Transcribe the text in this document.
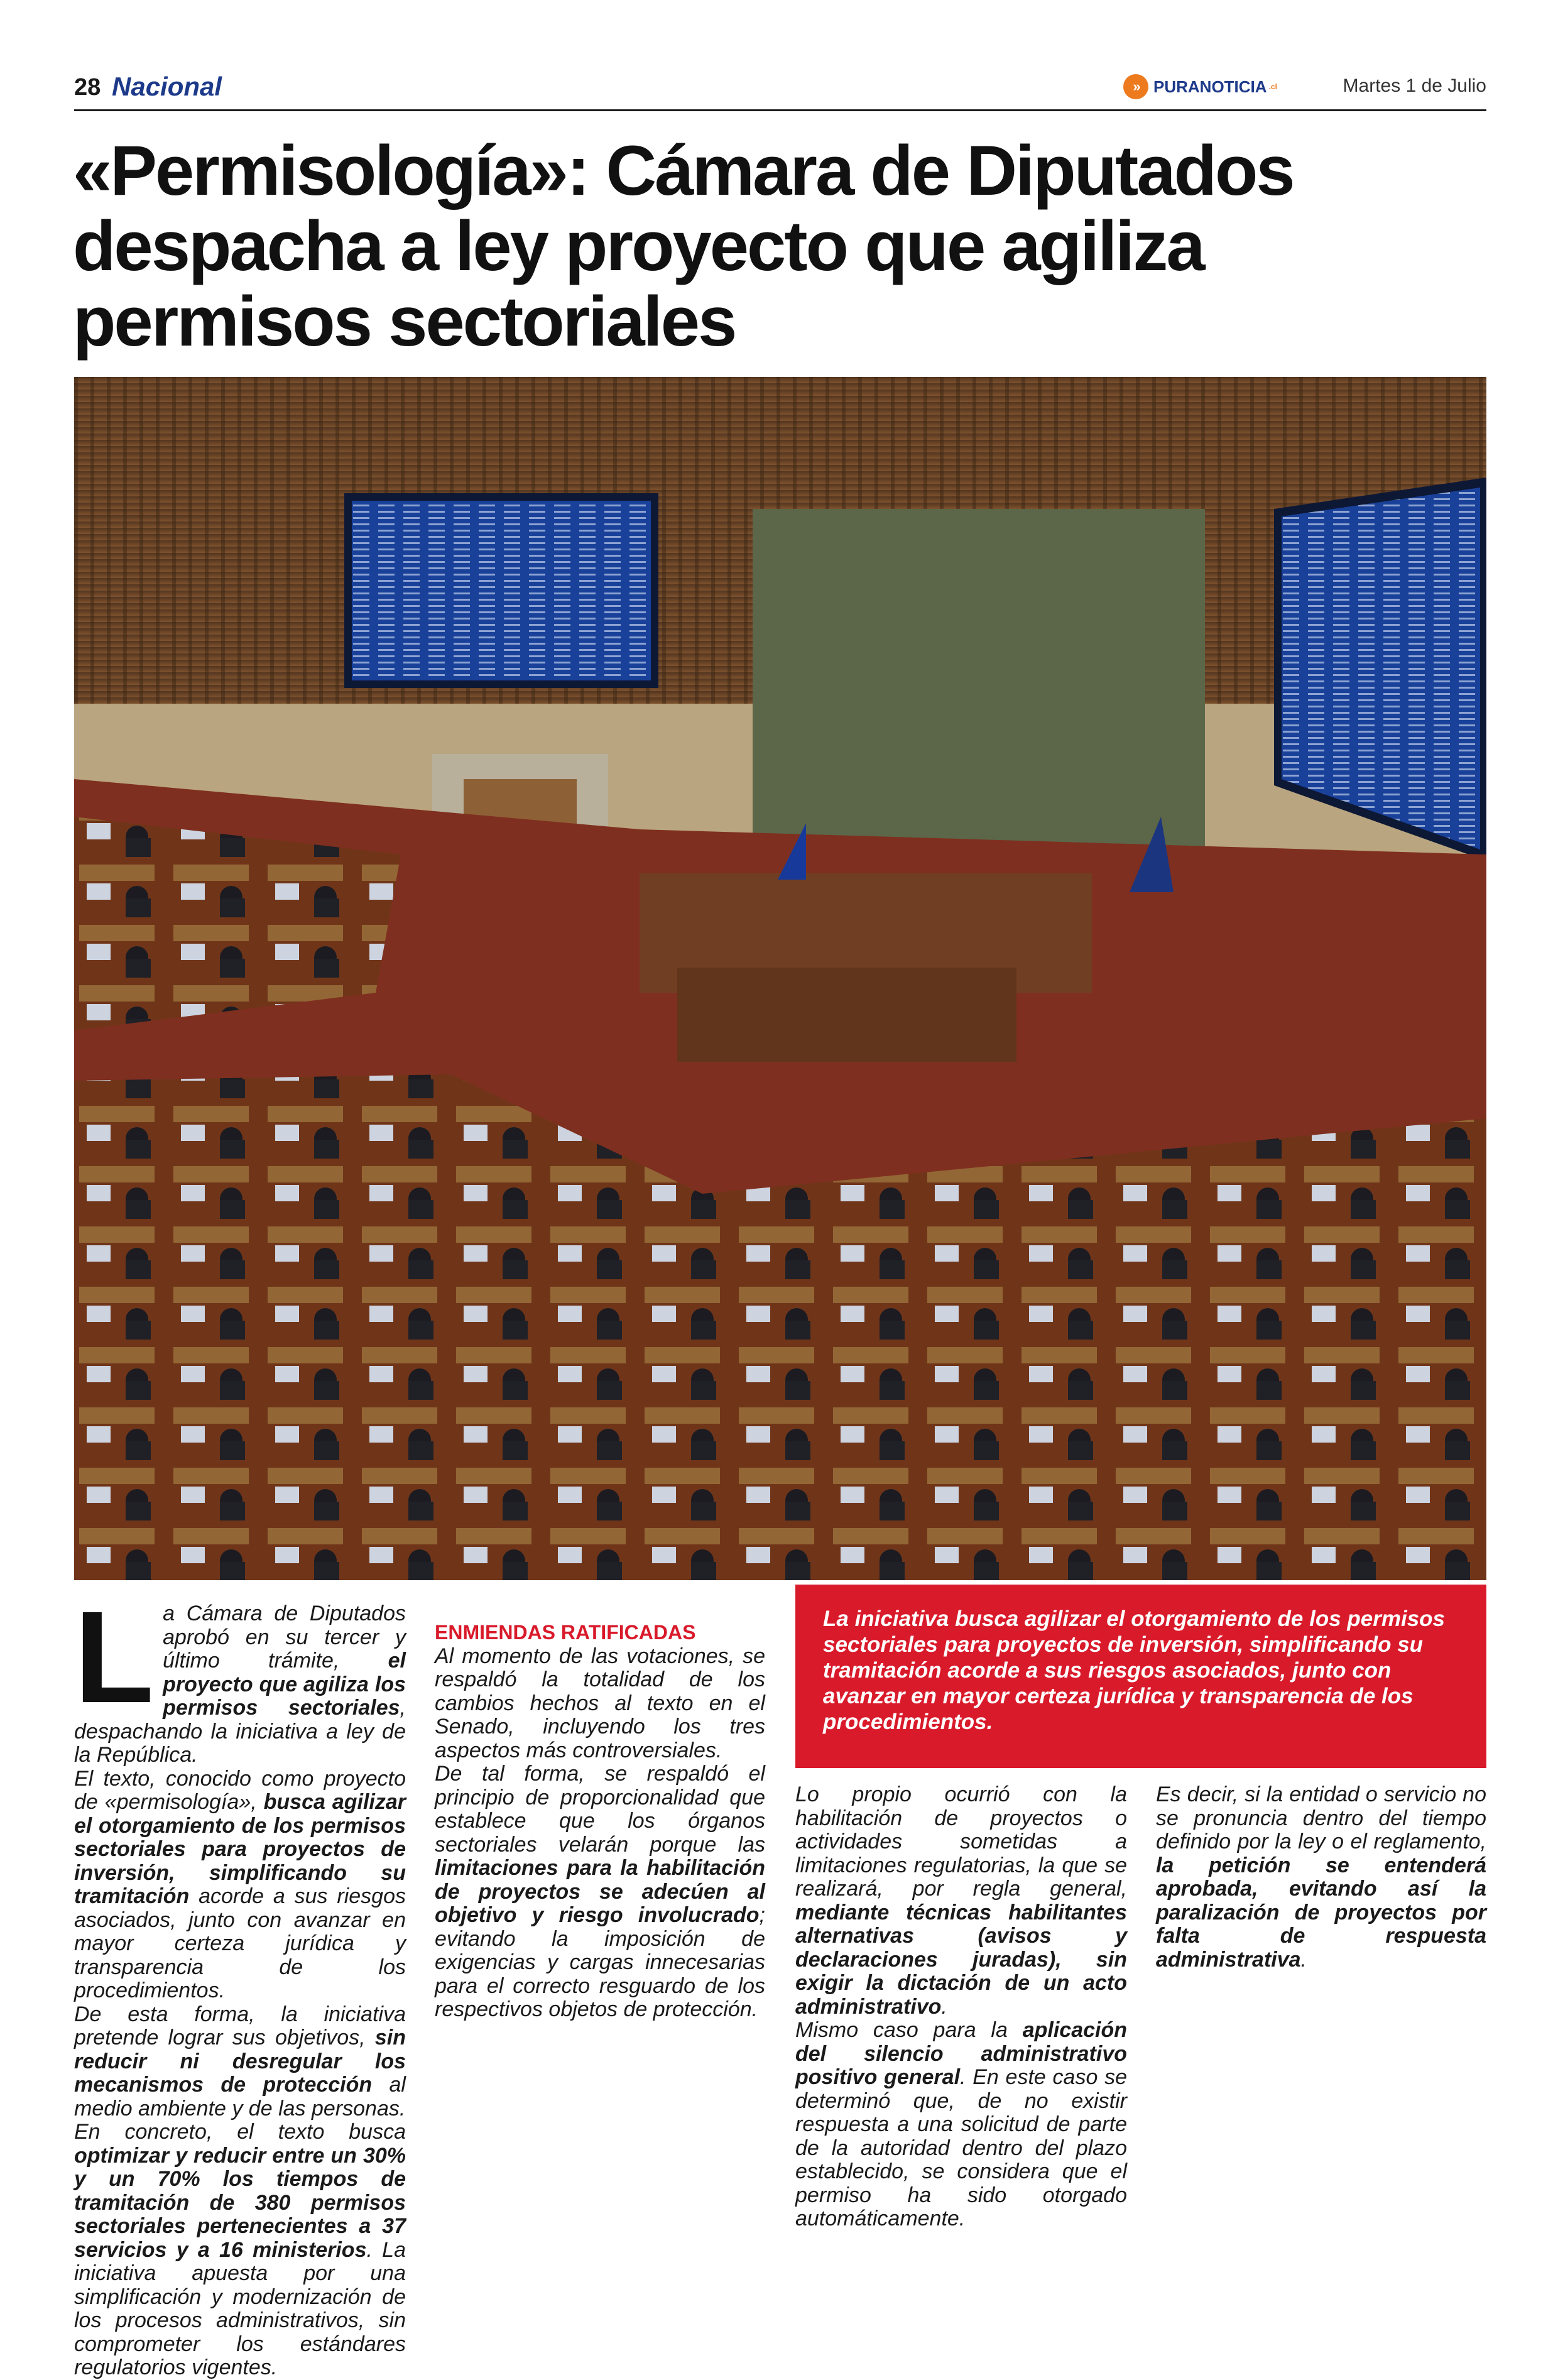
28 Nacional	» PURANOTICIA .cl	Martes 1 de Julio
«Permisología»: Cámara de Diputados despacha a ley proyecto que agiliza permisos sectoriales
L a Cámara de Diputados aprobó en su tercer y último trámite, el proyecto que agiliza los permisos sectoriales, despachando la iniciativa a ley de la República.

El texto, conocido como proyecto de «permisología», busca agilizar el otorgamiento de los permisos sectoriales para proyectos de inversión, simplificando su tramitación acorde a sus riesgos asociados, junto con avanzar en mayor certeza jurídica y transparencia de los procedimientos.

De esta forma, la iniciativa pretende lograr sus objetivos, sin reducir ni desregular los mecanismos de protección al medio ambiente y de las personas.

En concreto, el texto busca optimizar y reducir entre un 30% y un 70% los tiempos de tramitación de 380 permisos sectoriales pertenecientes a 37 servicios y a 16 ministerios. La iniciativa apuesta por una simplificación y modernización de los procesos administrativos, sin comprometer los estándares regulatorios vigentes.

ENMIENDAS RATIFICADAS

Al momento de las votaciones, se respaldó la totalidad de los cambios hechos al texto en el Senado, incluyendo los tres aspectos más controversiales.

De tal forma, se respaldó el principio de proporcionalidad que establece que los órganos sectoriales velarán porque las limitaciones para la habilitación de proyectos se adecúen al objetivo y riesgo involucrado; evitando la imposición de exigencias y cargas innecesarias para el correcto resguardo de los respectivos objetos de protección.

La iniciativa busca agilizar el otorgamiento de los permisos sectoriales para proyectos de inversión, simplificando su tramitación acorde a sus riesgos asociados, junto con avanzar en mayor certeza jurídica y transparencia de los procedimientos.

Lo propio ocurrió con la habilitación de proyectos o actividades sometidas a limitaciones regulatorias, la que se realizará, por regla general, mediante técnicas habilitantes alternativas (avisos y declaraciones juradas), sin exigir la dictación de un acto administrativo.

Mismo caso para la aplicación del silencio administrativo positivo general. En este caso se determinó que, de no existir respuesta a una solicitud de parte de la autoridad dentro del plazo establecido, se considera que el permiso ha sido otorgado automáticamente.

Es decir, si la entidad o servicio no se pronuncia dentro del tiempo definido por la ley o el reglamento, la petición se entenderá aprobada, evitando así la paralización de proyectos por falta de respuesta administrativa.
